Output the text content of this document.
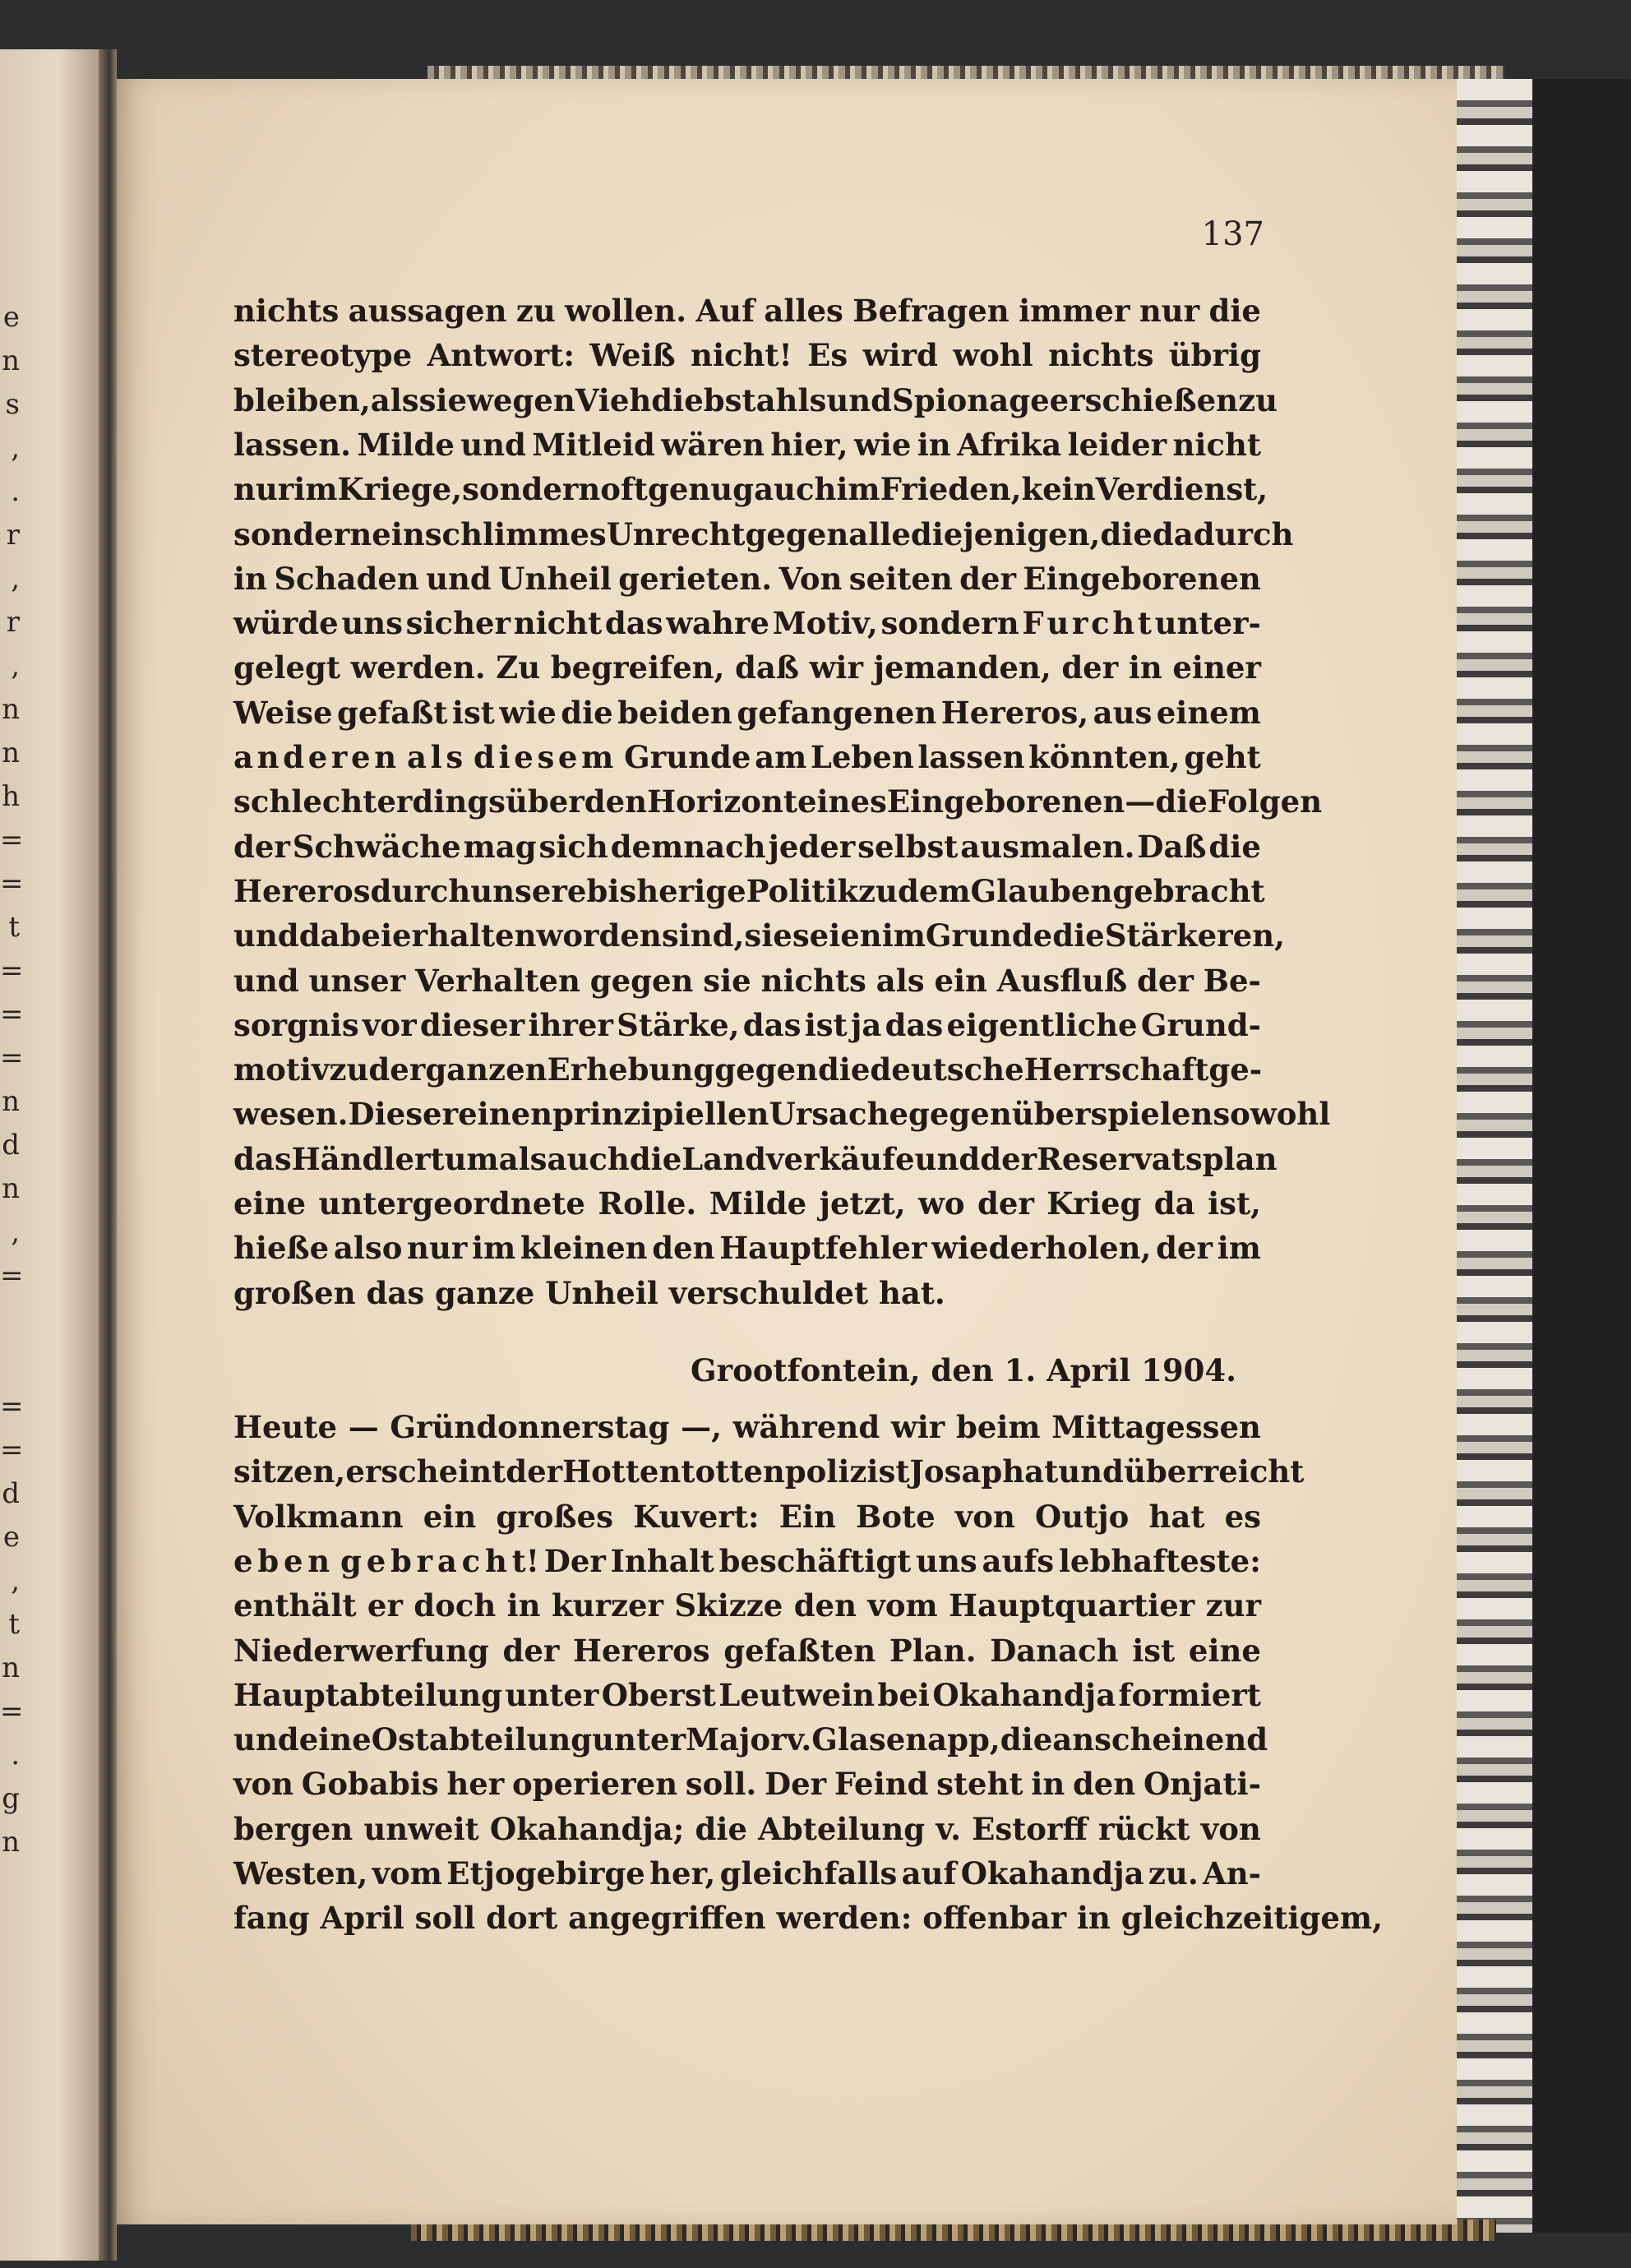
e
n
s
,
.
r
,
r
,
n
n
h
=
=
t
=
=
=
n
d
n
,
=

=
=
d
e
,
t
n
=
.
g
n
137
nichts aussagen zu wollen. Auf alles Befragen immer nur die
stereotype Antwort: Weiß nicht! Es wird wohl nichts übrig
bleiben, als sie wegen Viehdiebstahls und Spionage erschießen zu
lassen. Milde und Mitleid wären hier, wie in Afrika leider nicht
nur im Kriege, sondern oft genug auch im Frieden, kein Verdienst,
sondern ein schlimmes Unrecht gegen alle diejenigen, die dadurch
in Schaden und Unheil gerieten. Von seiten der Eingeborenen
würde uns sicher nicht das wahre Motiv, sondern F u r c h t unter-
gelegt werden. Zu begreifen, daß wir jemanden, der in einer
Weise gefaßt ist wie die beiden gefangenen Hereros, aus einem
a n d e r e n a l s d i e s e m Grunde am Leben lassen könnten, geht
schlechterdings über den Horizont eines Eingeborenen — die Folgen
der Schwäche mag sich demnach jeder selbst ausmalen. Daß die
Hereros durch unsere bisherige Politik zu dem Glauben gebracht
und dabei erhalten worden sind, sie seien im Grunde die Stärkeren,
und unser Verhalten gegen sie nichts als ein Ausfluß der Be-
sorgnis vor dieser ihrer Stärke, das ist ja das eigentliche Grund-
motiv zu der ganzen Erhebung gegen die deutsche Herrschaft ge-
wesen. Dieser einen prinzipiellen Ursache gegenüber spielen sowohl
das Händlertum als auch die Landverkäufe und der Reservatsplan
eine untergeordnete Rolle. Milde jetzt, wo der Krieg da ist,
hieße also nur im kleinen den Hauptfehler wiederholen, der im
großen das ganze Unheil verschuldet hat.
Grootfontein, den 1. April 1904.
Heute — Gründonnerstag —, während wir beim Mittagessen
sitzen, erscheint der Hottentottenpolizist Josaphat und überreicht
Volkmann ein großes Kuvert: Ein Bote von Outjo hat es
e b e n g e b r a c h t! Der Inhalt beschäftigt uns aufs lebhafteste:
enthält er doch in kurzer Skizze den vom Hauptquartier zur
Niederwerfung der Hereros gefaßten Plan. Danach ist eine
Hauptabteilung unter Oberst Leutwein bei Okahandja formiert
und eine Ostabteilung unter Major v. Glasenapp, die anscheinend
von Gobabis her operieren soll. Der Feind steht in den Onjati-
bergen unweit Okahandja; die Abteilung v. Estorff rückt von
Westen, vom Etjogebirge her, gleichfalls auf Okahandja zu. An-
fang April soll dort angegriffen werden: offenbar in gleichzeitigem,
